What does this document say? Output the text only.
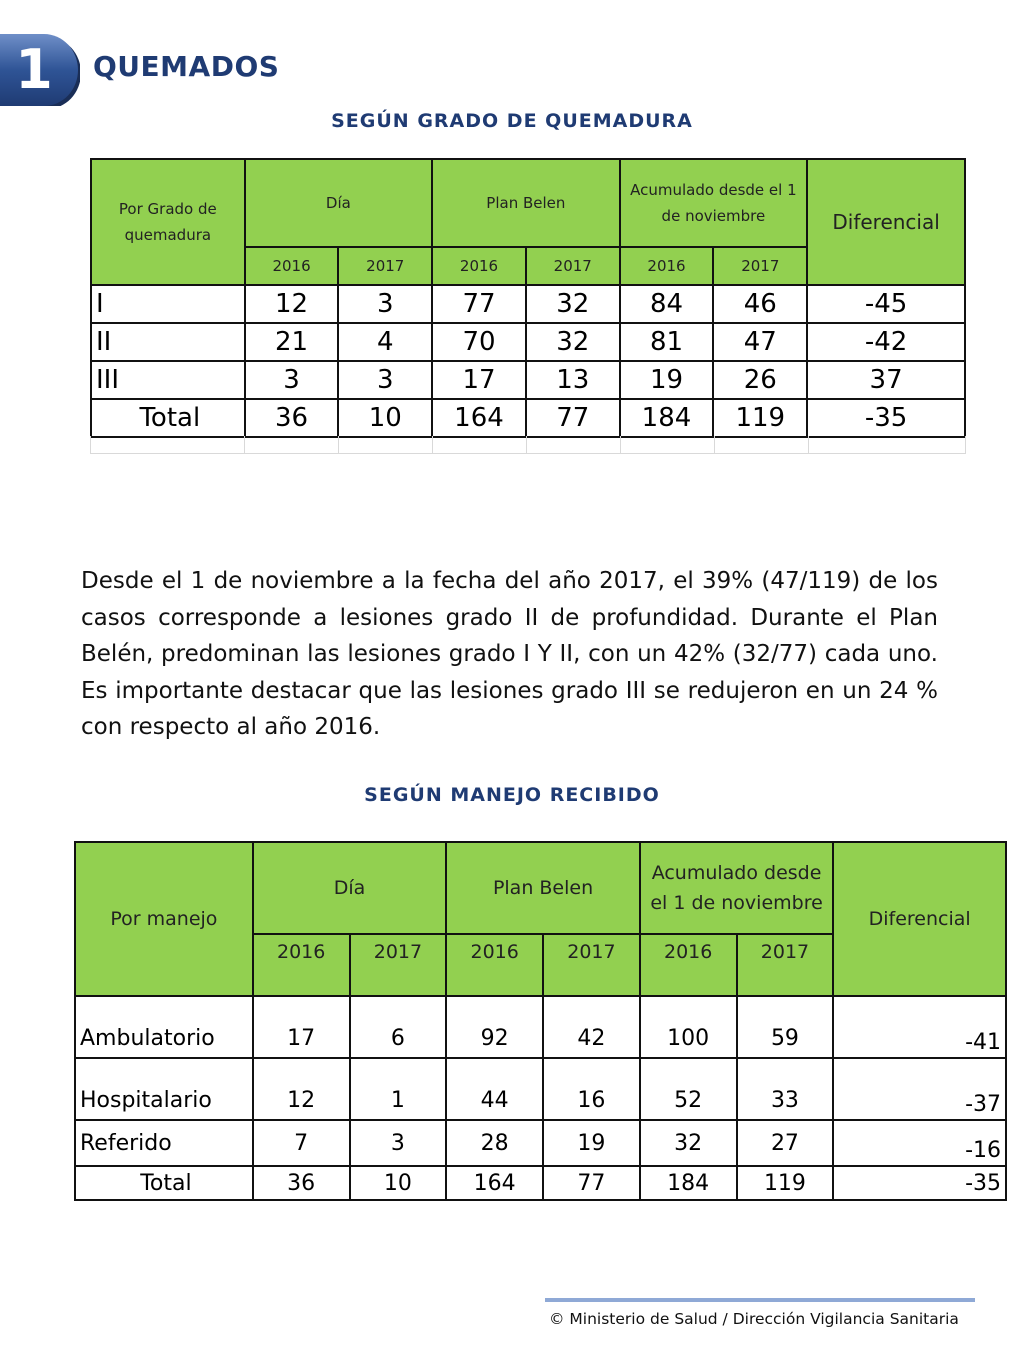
1	QUEMADOS
SEGÚN GRADO DE QUEMADURA
Por Grado de quemadura	Día		Plan Belen		Acumulado desde el 1 de noviembre		Diferencial
	2016	2017	2016	2017	2016	2017	
I	12	3	77	32	84	46	-45
II	21	4	70	32	81	47	-42
III	3	3	17	13	19	26	37
Total	36	10	164	77	184	119	-35

Desde el 1 de noviembre a la fecha del año 2017, el 39% (47/119) de los casos corresponde a lesiones grado II de profundidad. Durante el Plan Belén, predominan las lesiones grado I Y II, con un 42% (32/77) cada uno. Es importante destacar que las lesiones grado III se redujeron en un 24 % con respecto al año 2016.

SEGÚN MANEJO RECIBIDO
Por manejo	Día		Plan Belen		Acumulado desde el 1 de noviembre		Diferencial
	2016	2017	2016	2017	2016	2017	
Ambulatorio	17	6	92	42	100	59	-41
Hospitalario	12	1	44	16	52	33	-37
Referido	7	3	28	19	32	27	-16
Total	36	10	164	77	184	119	-35
© Ministerio de Salud / Dirección Vigilancia Sanitaria
